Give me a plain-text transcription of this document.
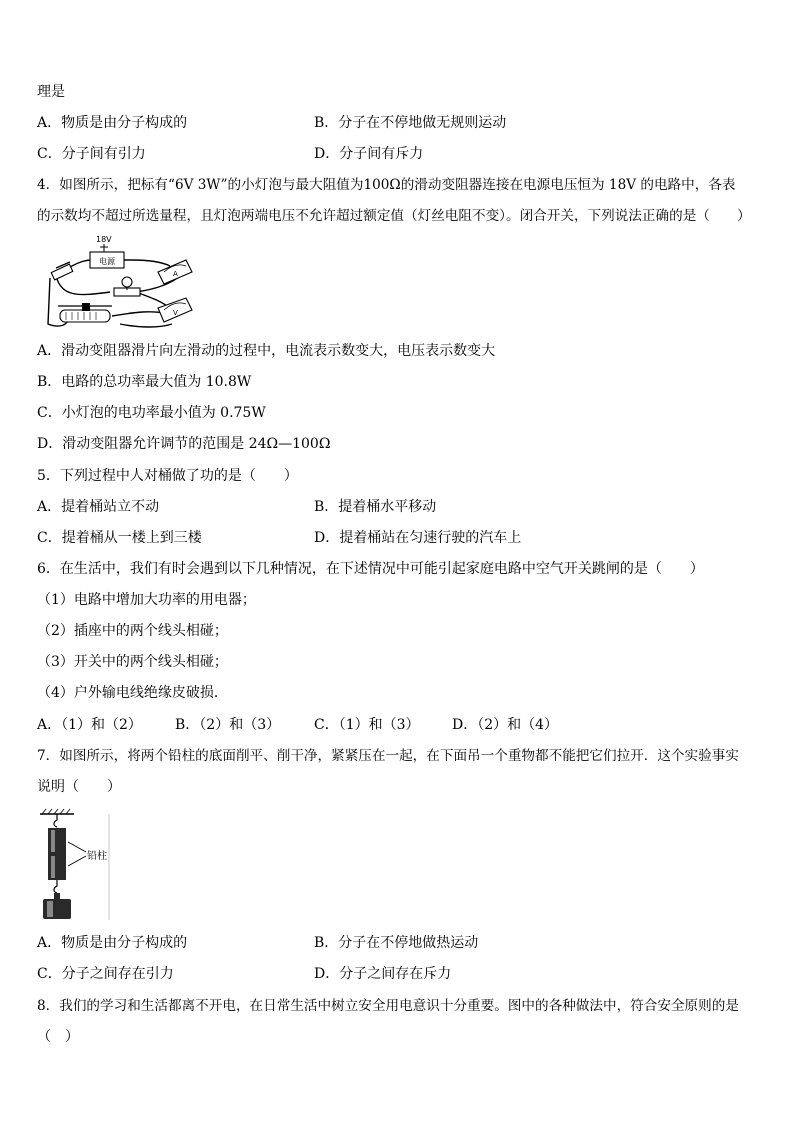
理是
A．物质是由分子构成的	B．分子在不停地做无规则运动
C．分子间有引力	D．分子间有斥力
4．如图所示，把标有“6V 3W”的小灯泡与最大阻值为100Ω的滑动变阻器连接在电源电压恒为 18V 的电路中，各表
的示数均不超过所选量程，且灯泡两端电压不允许超过额定值（灯丝电阻不变）。闭合开关，下列说法正确的是（　　）
电源
18V
A
V
A．滑动变阻器滑片向左滑动的过程中，电流表示数变大，电压表示数变大
B．电路的总功率最大值为 10.8W
C．小灯泡的电功率最小值为 0.75W
D．滑动变阻器允许调节的范围是 24Ω—100Ω
5．下列过程中人对桶做了功的是（　　）
A．提着桶站立不动	B．提着桶水平移动
C．提着桶从一楼上到三楼	D．提着桶站在匀速行驶的汽车上
6．在生活中，我们有时会遇到以下几种情况，在下述情况中可能引起家庭电路中空气开关跳闸的是（　　）
（1）电路中增加大功率的用电器；
（2）插座中的两个线头相碰；
（3）开关中的两个线头相碰；
（4）户外输电线绝缘皮破损．
A．（1）和（2） B．（2）和（3） C．（1）和（3） D．（2）和（4）
7．如图所示，将两个铅柱的底面削平、削干净，紧紧压在一起，在下面吊一个重物都不能把它们拉开．这个实验事实
说明（　　）
铅柱
A．物质是由分子构成的	B．分子在不停地做热运动
C．分子之间存在引力	D．分子之间存在斥力
8．我们的学习和生活都离不开电，在日常生活中树立安全用电意识十分重要。图中的各种做法中，符合安全原则的是
（　）
